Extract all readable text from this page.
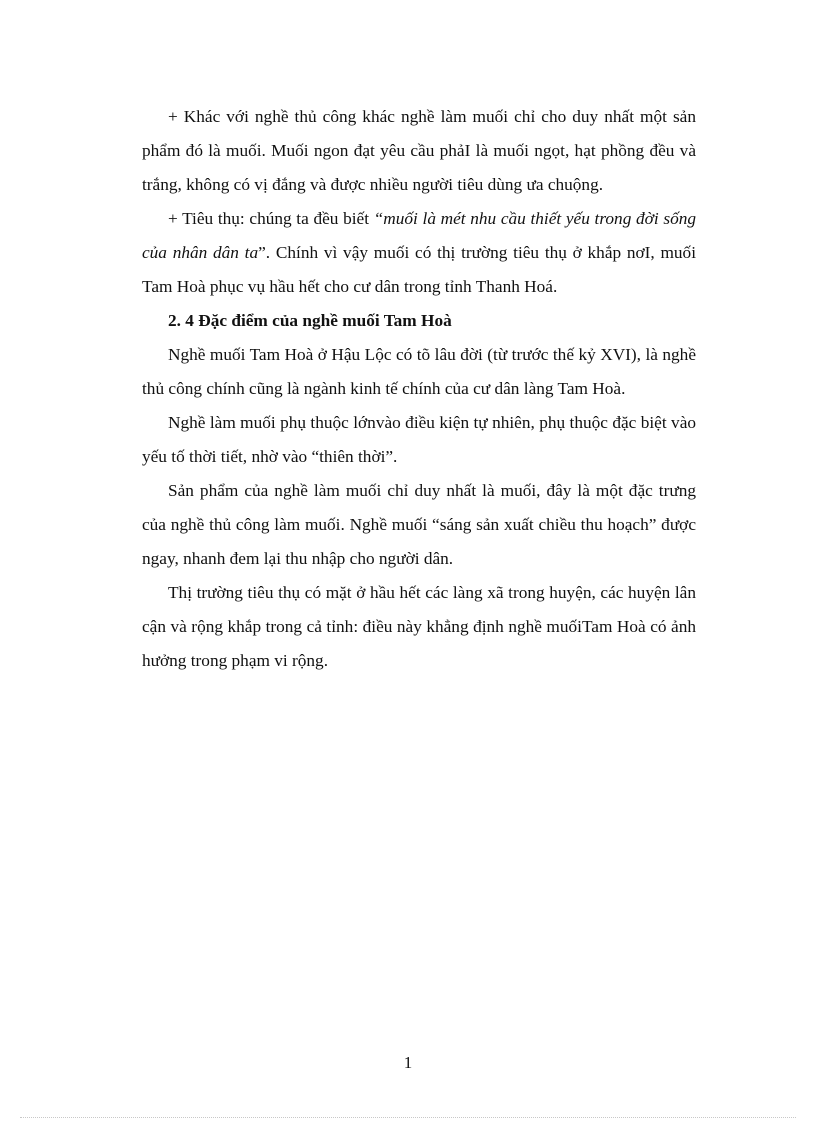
+ Khác với nghề thủ công khác nghề làm muối chỉ cho duy nhất một sản phẩm đó là muối. Muối ngon đạt yêu cầu phảI là muối ngọt, hạt phồng đều và trắng, không có vị đắng và được nhiều người tiêu dùng ưa chuộng.

+ Tiêu thụ: chúng ta đều biết “muối là mét nhu cầu thiết yếu trong đời sống của nhân dân ta”. Chính vì vậy muối có thị trường tiêu thụ ở khắp nơI, muối Tam Hoà phục vụ hầu hết cho cư dân trong tỉnh Thanh Hoá.

2. 4 Đặc điểm của nghề muối Tam Hoà

Nghề muối Tam Hoà ở Hậu Lộc có tõ lâu đời (từ trước thế kỷ XVI), là nghề thủ công chính cũng là ngành kinh tế chính của cư dân làng Tam Hoà.

Nghề làm muối phụ thuộc lớnvào điều kiện tự nhiên, phụ thuộc đặc biệt vào yếu tố thời tiết, nhờ vào “thiên thời”.

Sản phẩm của nghề làm muối chỉ duy nhất là muối, đây là một đặc trưng của nghề thủ công làm muối. Nghề muối “sáng sản xuất chiều thu hoạch” được ngay, nhanh đem lại thu nhập cho người dân.

Thị trường tiêu thụ có mặt ở hầu hết các làng xã trong huyện, các huyện lân cận và rộng khắp trong cả tỉnh: điều này khẳng định nghề muốiTam Hoà có ảnh hưởng trong phạm vi rộng.

1
